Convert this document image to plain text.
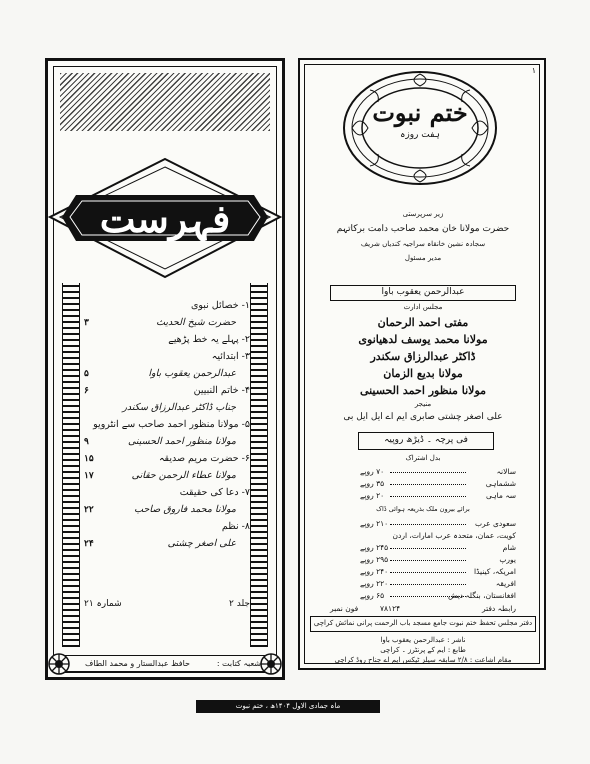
فہرست
۱- خصائل نبوی
حضرت شیخ الحدیث
۳
۲- پہلے یہ خط پڑھیے
۳- ابتدائیہ
عبدالرحمن یعقوب باوا
۵
۴- خاتم النبیین
۶
جناب ڈاکٹر عبدالرزاق سکندر
۵- مولانا منظور احمد صاحب سے انٹرویو
مولانا منظور احمد الحسینی
۹
۶- حضرت مریم صدیقہ
۱۵
مولانا عطاء الرحمن حقانی
۱۷
۷- دعا کی حقیقت
مولانا محمد فاروق صاحب
۲۲
۸- نظم
علی اصغر چشتی
۲۴
شمارہ ۲۱	جلد ۲
شعبہ کتابت :
حافظ عبدالستار و محمد الطاف
۱
ختم نبوت
ہفت روزہ
زیر سرپرستی
حضرت مولانا خان محمد صاحب دامت برکاتہم
سجادہ نشین خانقاہ سراجیہ کندیاں شریف
مدیر مسئول
عبدالرحمن یعقوب باوا
مجلس ادارت
مفتی احمد الرحمان
مولانا محمد یوسف لدھیانوی
ڈاکٹر عبدالرزاق سکندر
مولانا بدیع الزمان
مولانا منظور احمد الحسینی
منیجر
علی اصغر چشتی صابری ایم اے ایل ایل بی
فی پرچہ ۔ ڈیڑھ روپیہ
بدل اشتراک
سالانہ
۷۰ روپے
ششماہی
۳۵ روپے
سہ ماہی
۲۰ روپے
برائے بیرون ملک بذریعہ ہوائی ڈاک
سعودی عرب
۲۱۰ روپے
کویت، عمان، متحدہ عرب امارات، اردن
شام
۲۴۵ روپے
یورپ
۲۹۵ روپے
امریکہ، کینیڈا
۲۴۰ روپے
افریقہ
۲۲۰ روپے
افغانستان، بنگلہ دیش
۶۵ روپے
رابطہ دفتر
فون نمبر	۷۸۱۲۴
دفتر مجلس تحفظ ختم نبوت جامع مسجد باب الرحمت پرانی نمائش کراچی
ناشر : عبدالرحمن یعقوب باوا
طابع : ایم کے پرنٹرز ۔ کراچی
مقام اشاعت : ۲/۸ سابقہ سیلز ٹیکس ایم اے جناح روڈ کراچی
ماہ جمادی الاول ۱۴۰۴ھ ، ختم نبوت
